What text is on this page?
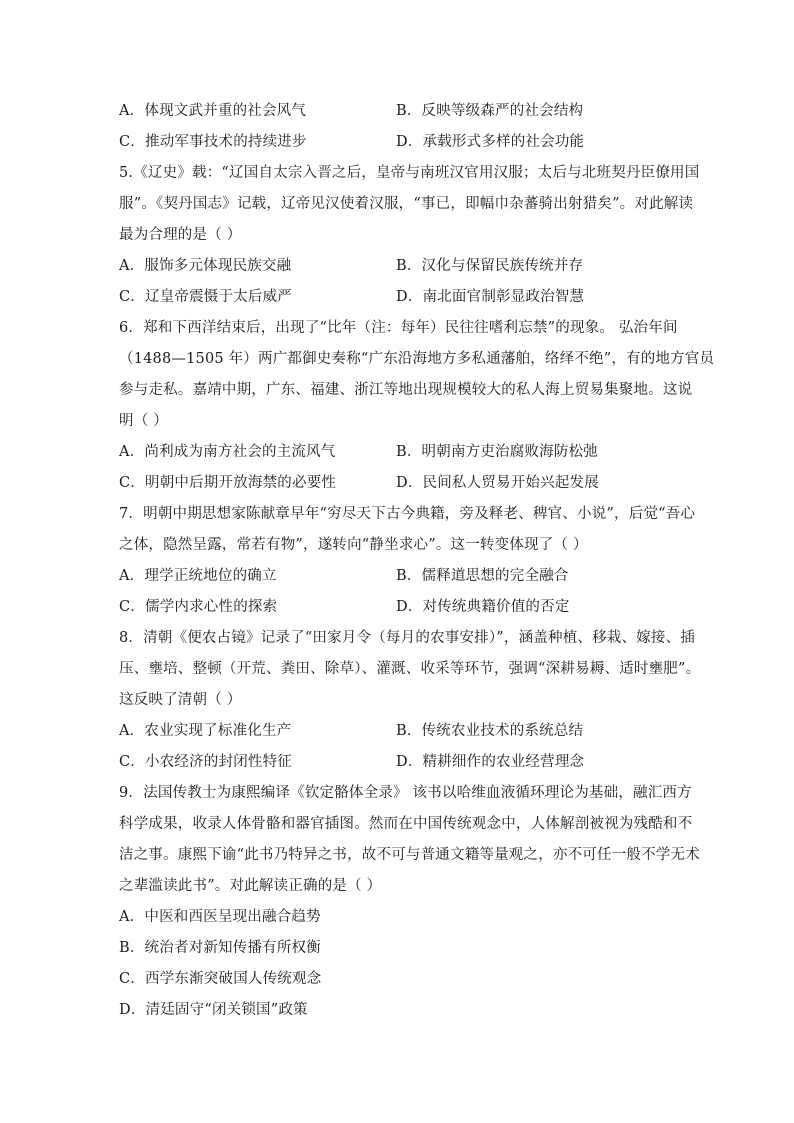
A．体现文武并重的社会风气	B．反映等级森严的社会结构
C．推动军事技术的持续进步	D．承载形式多样的社会功能
5.《辽史》载：“辽国自太宗入晋之后，皇帝与南班汉官用汉服；太后与北班契丹臣僚用国
服”。《契丹国志》记载，辽帝见汉使着汉服，“事已，即幅巾杂蕃骑出射猎矣”。对此解读
最为合理的是（ ）
A．服饰多元体现民族交融	B．汉化与保留民族传统并存
C．辽皇帝震慑于太后威严	D．南北面官制彰显政治智慧
6．郑和下西洋结束后，出现了“比年（注：每年）民往往嗜利忘禁”的现象。 弘治年间
（1488—1505 年）两广都御史奏称“广东沿海地方多私通藩舶，络绎不绝”，有的地方官员
参与走私。嘉靖中期，广东、福建、浙江等地出现规模较大的私人海上贸易集聚地。这说
明（ ）
A．尚利成为南方社会的主流风气	B．明朝南方吏治腐败海防松弛
C．明朝中后期开放海禁的必要性	D．民间私人贸易开始兴起发展
7．明朝中期思想家陈献章早年“穷尽天下古今典籍，旁及释老、稗官、小说”，后觉“吾心
之体，隐然呈露，常若有物”，遂转向“静坐求心”。这一转变体现了（ ）
A．理学正统地位的确立	B．儒释道思想的完全融合
C．儒学内求心性的探索	D．对传统典籍价值的否定
8．清朝《便农占镜》记录了“田家月令（每月的农事安排）”，涵盖种植、移栽、嫁接、插
压、壅培、整顿（开荒、粪田、除草）、灌溉、收采等环节，强调“深耕易耨、适时壅肥”。
这反映了清朝（ ）
A．农业实现了标准化生产	B．传统农业技术的系统总结
C．小农经济的封闭性特征	D．精耕细作的农业经营理念
9．法国传教士为康熙编译《钦定骼体全录》 该书以哈维血液循环理论为基础，融汇西方
科学成果，收录人体骨骼和器官插图。然而在中国传统观念中，人体解剖被视为残酷和不
洁之事。康熙下谕“此书乃特异之书，故不可与普通文籍等量观之，亦不可任一般不学无术
之辈滥读此书”。对此解读正确的是（ ）
A．中医和西医呈现出融合趋势
B．统治者对新知传播有所权衡
C．西学东渐突破国人传统观念
D．清廷固守“闭关锁国”政策
